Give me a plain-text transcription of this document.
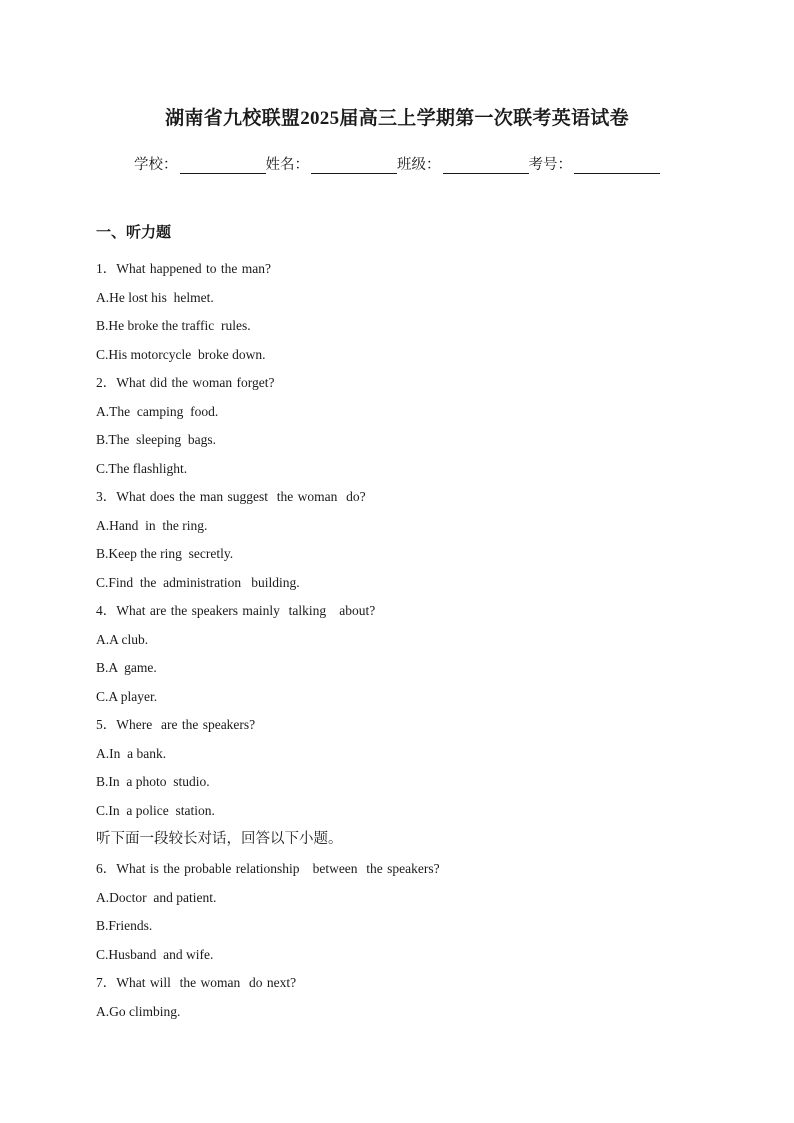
湖南省九校联盟2025届高三上学期第一次联考英语试卷
学校：	姓名：	班级：	考号：
一、听力题
1．What happened to the man?
A.He lost his  helmet.
B.He broke the traffic  rules.
C.His motorcycle  broke down.
2．What did the woman forget?
A.The  camping  food.
B.The  sleeping  bags.
C.The flashlight.
3．What does the man suggest  the woman  do?
A.Hand  in  the ring.
B.Keep the ring  secretly.
C.Find  the  administration   building.
4．What are the speakers mainly  talking   about?
A.A club.
B.A  game.
C.A player.
5．Where  are the speakers?
A.In  a bank.
B.In  a photo  studio.
C.In  a police  station.
听下面一段较长对话，回答以下小题。
6．What is the probable relationship   between  the speakers?
A.Doctor  and patient.
B.Friends.
C.Husband  and wife.
7．What will  the woman  do next?
A.Go climbing.
